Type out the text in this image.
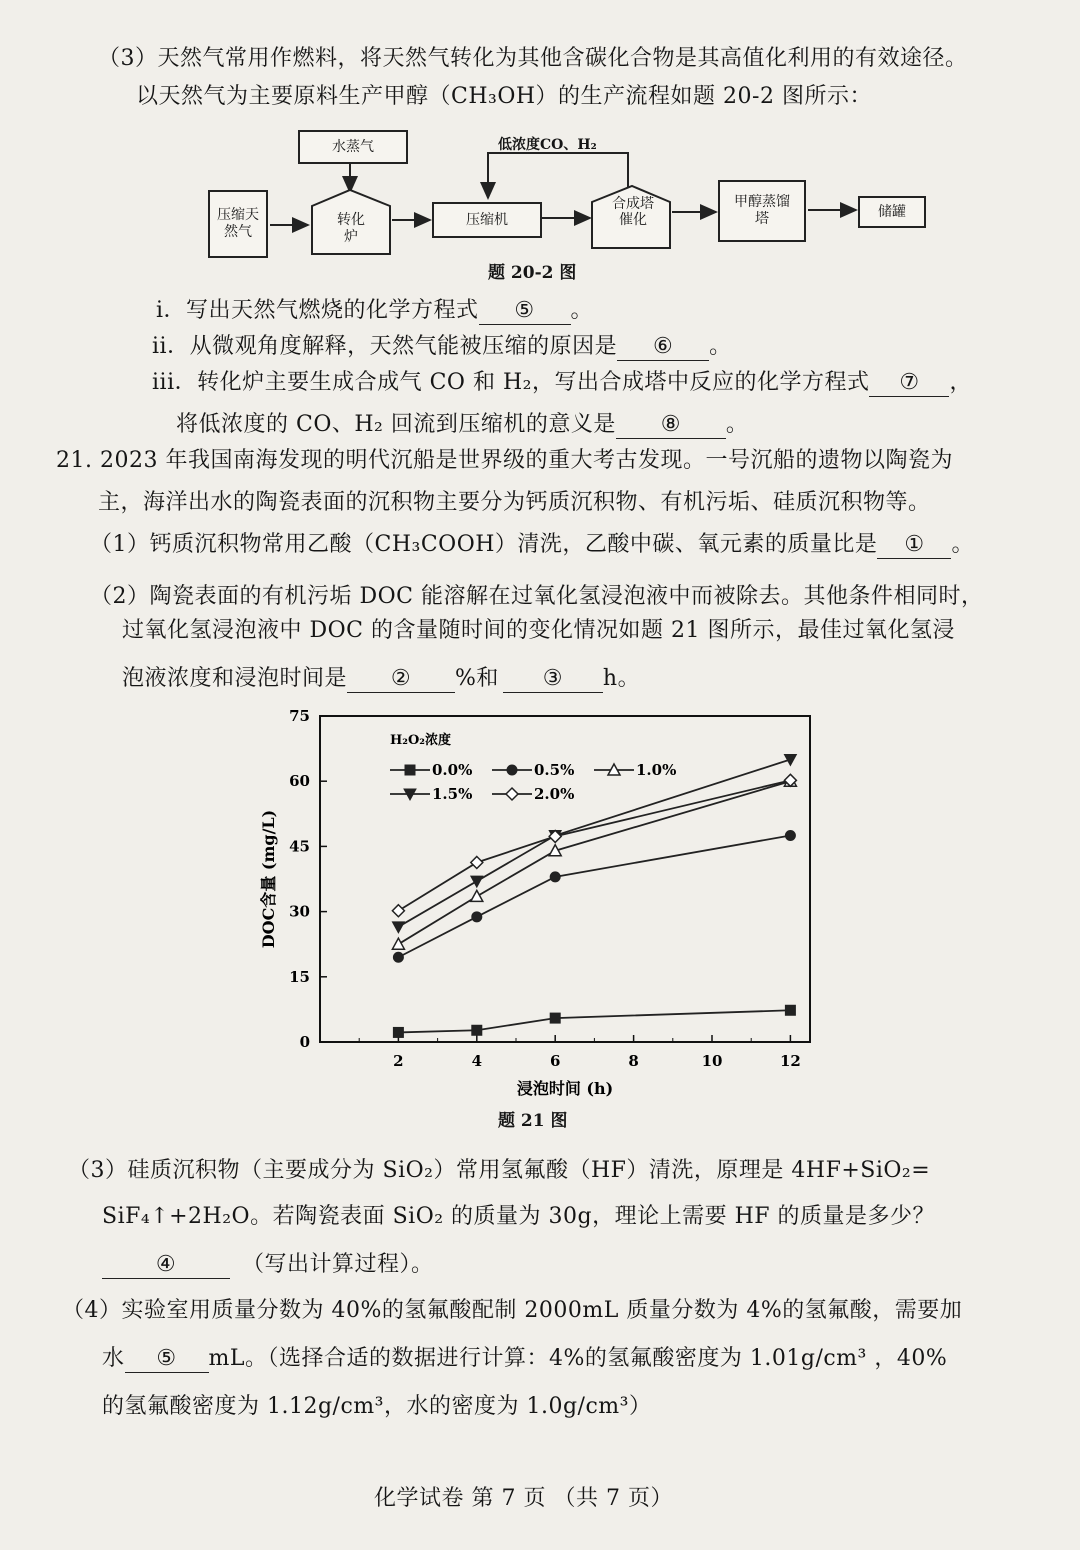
（3）天然气常用作燃料，将天然气转化为其他含碳化合物是其高值化利用的有效途径。
以天然气为主要原料生产甲醇（CH₃OH）的生产流程如题 20-2 图所示：
水蒸气
压缩天然气
转化炉
压缩机
低浓度CO、H₂
合成塔催化
甲醇蒸馏塔	储罐
题 20-2 图
i．写出天然气燃烧的化学方程式 ⑤ 。
ii．从微观角度解释，天然气能被压缩的原因是 ⑥ 。
iii．转化炉主要生成合成气 CO 和 H₂，写出合成塔中反应的化学方程式 ⑦ ，
将低浓度的 CO、H₂ 回流到压缩机的意义是 ⑧ 。
21. 2023 年我国南海发现的明代沉船是世界级的重大考古发现。一号沉船的遗物以陶瓷为
主，海洋出水的陶瓷表面的沉积物主要分为钙质沉积物、有机污垢、硅质沉积物等。
（1）钙质沉积物常用乙酸（CH₃COOH）清洗，乙酸中碳、氧元素的质量比是 ① 。
（2）陶瓷表面的有机污垢 DOC 能溶解在过氧化氢浸泡液中而被除去。其他条件相同时，
过氧化氢浸泡液中 DOC 的含量随时间的变化情况如题 21 图所示，最佳过氧化氢浸
泡液浓度和浸泡时间是 ② %和 ③ h。
0
15
30
45
60
75
2	4	6	8	10	12
浸泡时间 (h)
DOC含量 (mg/L)
H₂O₂浓度
0.0%	0.5%	1.0%
1.5%	2.0%
题 21 图
（3）硅质沉积物（主要成分为 SiO₂）常用氢氟酸（HF）清洗，原理是 4HF+SiO₂=
SiF₄↑+2H₂O。若陶瓷表面 SiO₂ 的质量为 30g，理论上需要 HF 的质量是多少？
④	（写出计算过程）。
（4）实验室用质量分数为 40%的氢氟酸配制 2000mL 质量分数为 4%的氢氟酸，需要加
水 ⑤ mL。（选择合适的数据进行计算：4%的氢氟酸密度为 1.01g/cm³ ，40%
的氢氟酸密度为 1.12g/cm³，水的密度为 1.0g/cm³）
化学试卷 第 7 页 （共 7 页）
